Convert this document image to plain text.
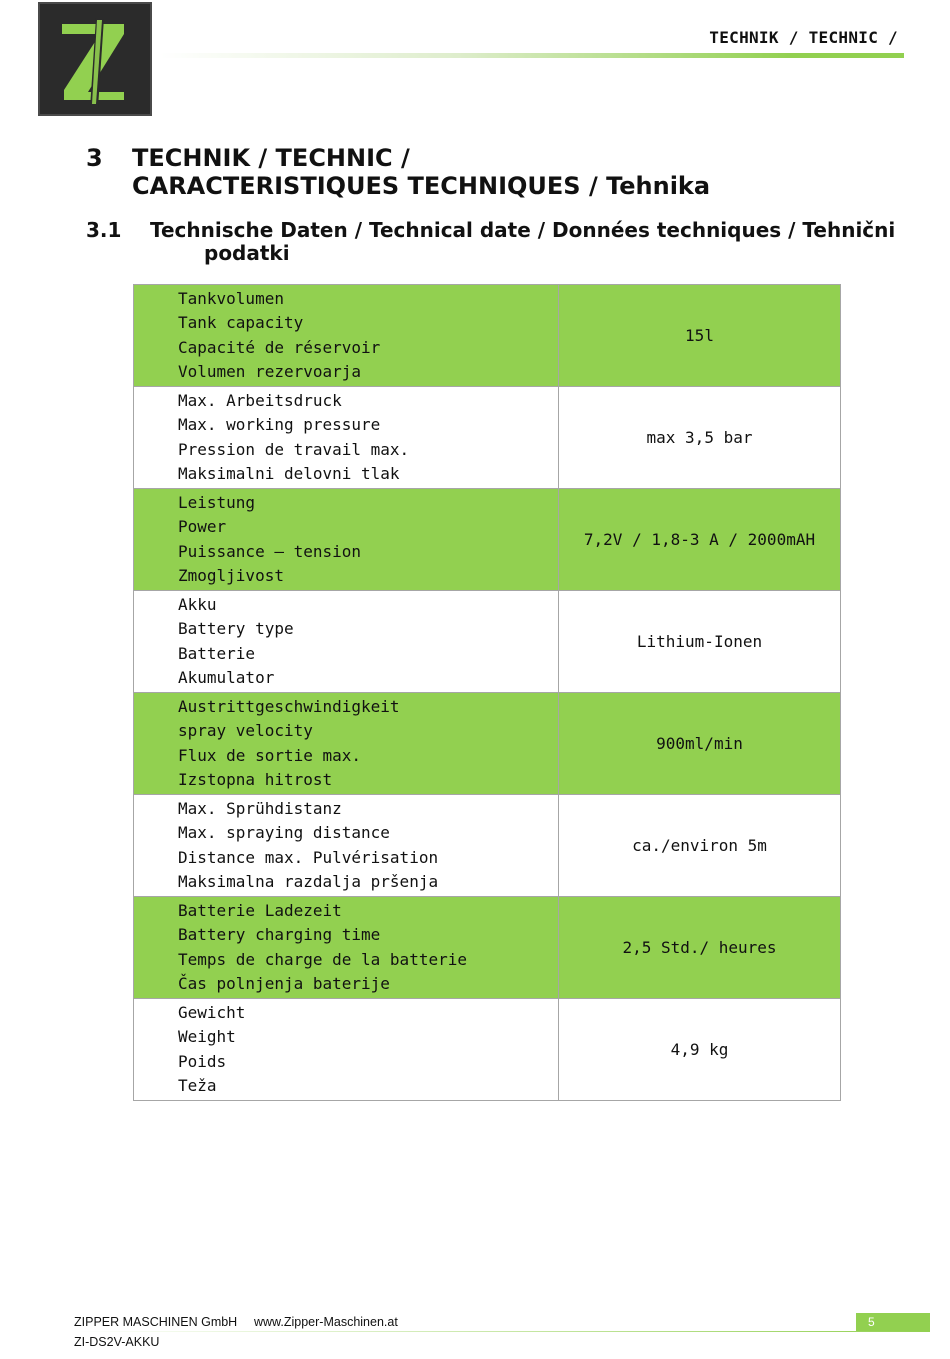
TECHNIK / TECHNIC /
3 TECHNIK / TECHNIC /
CARACTERISTIQUES TECHNIQUES / Tehnika
3.1 Technische Daten / Technical date / Données techniques / Tehnični
podatki
Tankvolumen
Tank capacity
Capacité de réservoir
Volumen rezervoarja	15l

Max. Arbeitsdruck
Max. working pressure
Pression de travail max.
Maksimalni delovni tlak	max 3,5 bar

Leistung
Power
Puissance – tension
Zmogljivost	7,2V / 1,8-3 A / 2000mAH

Akku
Battery type
Batterie
Akumulator	Lithium-Ionen

Austrittgeschwindigkeit
spray velocity
Flux de sortie max.
Izstopna hitrost	900ml/min

Max. Sprühdistanz
Max. spraying distance
Distance max. Pulvérisation
Maksimalna razdalja pršenja	ca./environ 5m

Batterie Ladezeit
Battery charging time
Temps de charge de la batterie
Čas polnjenja baterije	2,5 Std./ heures

Gewicht
Weight
Poids
Teža	4,9 kg
ZIPPER MASCHINEN GmbH www.Zipper-Maschinen.at
ZI-DS2V-AKKU
5
